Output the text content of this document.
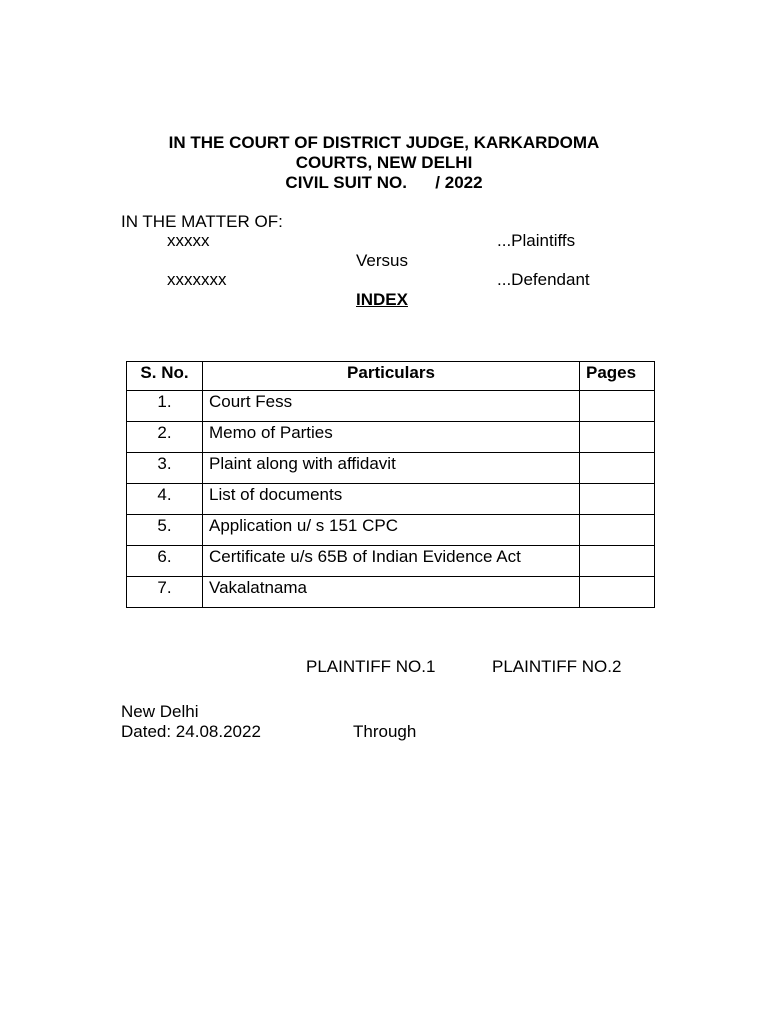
IN THE COURT OF DISTRICT JUDGE, KARKARDOMA
COURTS, NEW DELHI
CIVIL SUIT NO.      / 2022
IN THE MATTER OF:
xxxxx	...Plaintiffs
Versus
xxxxxxx	...Defendant
INDEX
S. No.	Particulars	Pages
1.	Court Fess	
2.	Memo of Parties	
3.	Plaint along with affidavit	
4.	List of documents	
5.	Application u/ s 151 CPC	
6.	Certificate u/s 65B of Indian Evidence Act	
7.	Vakalatnama	
PLAINTIFF NO.1	PLAINTIFF NO.2
New Delhi
Dated: 24.08.2022	Through
